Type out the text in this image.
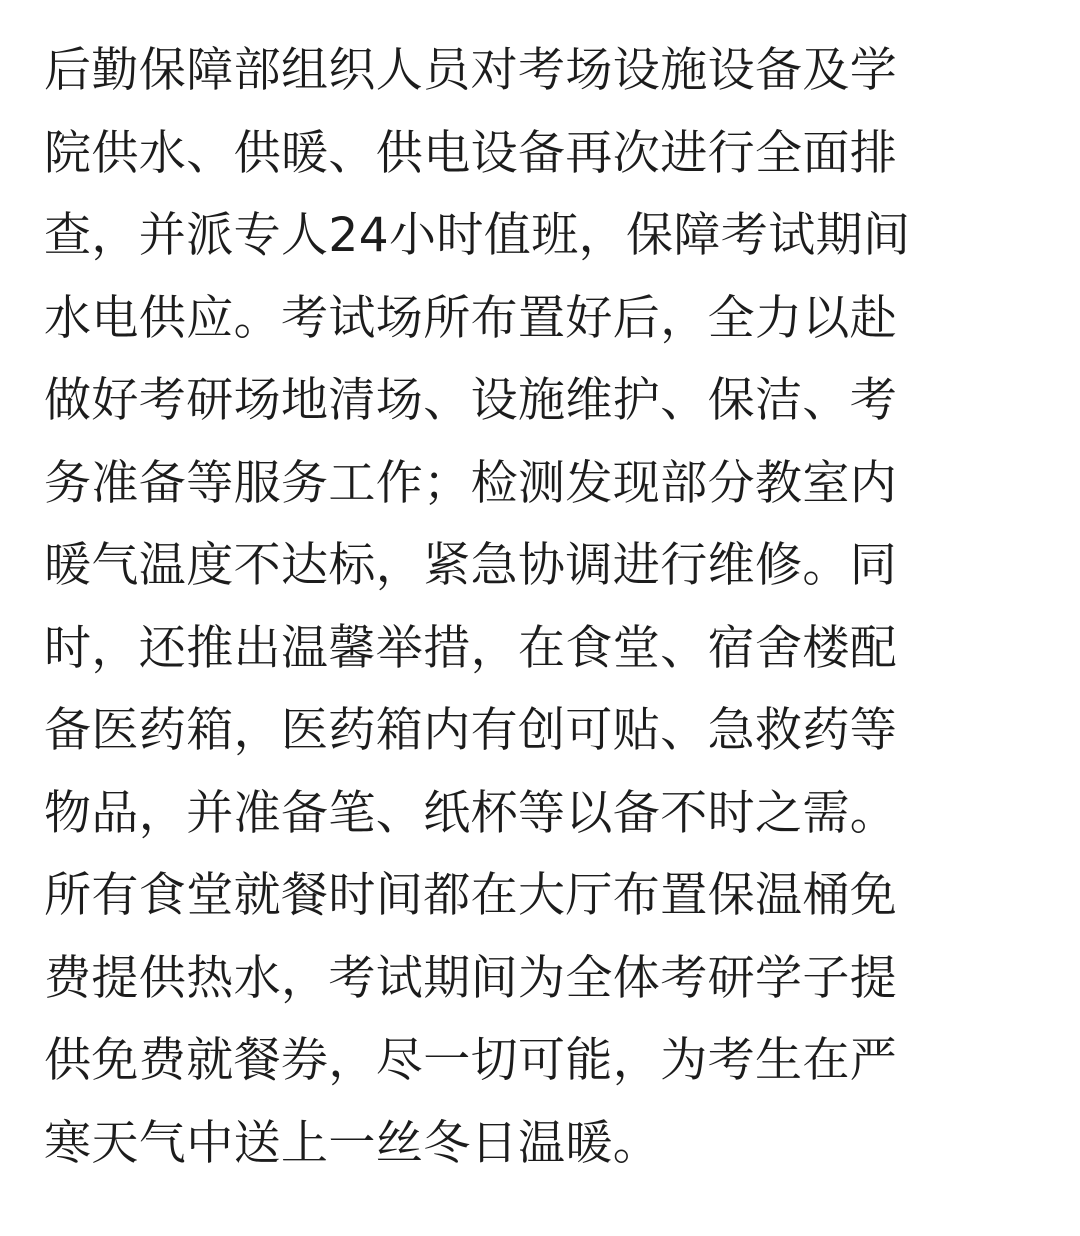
后勤保障部组织人员对考场设施设备及学
院供水、供暖、供电设备再次进行全面排
查，并派专人24小时值班，保障考试期间
水电供应。考试场所布置好后，全力以赴
做好考研场地清场、设施维护、保洁、考
务准备等服务工作；检测发现部分教室内
暖气温度不达标，紧急协调进行维修。同
时，还推出温馨举措，在食堂、宿舍楼配
备医药箱，医药箱内有创可贴、急救药等
物品，并准备笔、纸杯等以备不时之需。
所有食堂就餐时间都在大厅布置保温桶免
费提供热水，考试期间为全体考研学子提
供免费就餐券，尽一切可能，为考生在严
寒天气中送上一丝冬日温暖。
